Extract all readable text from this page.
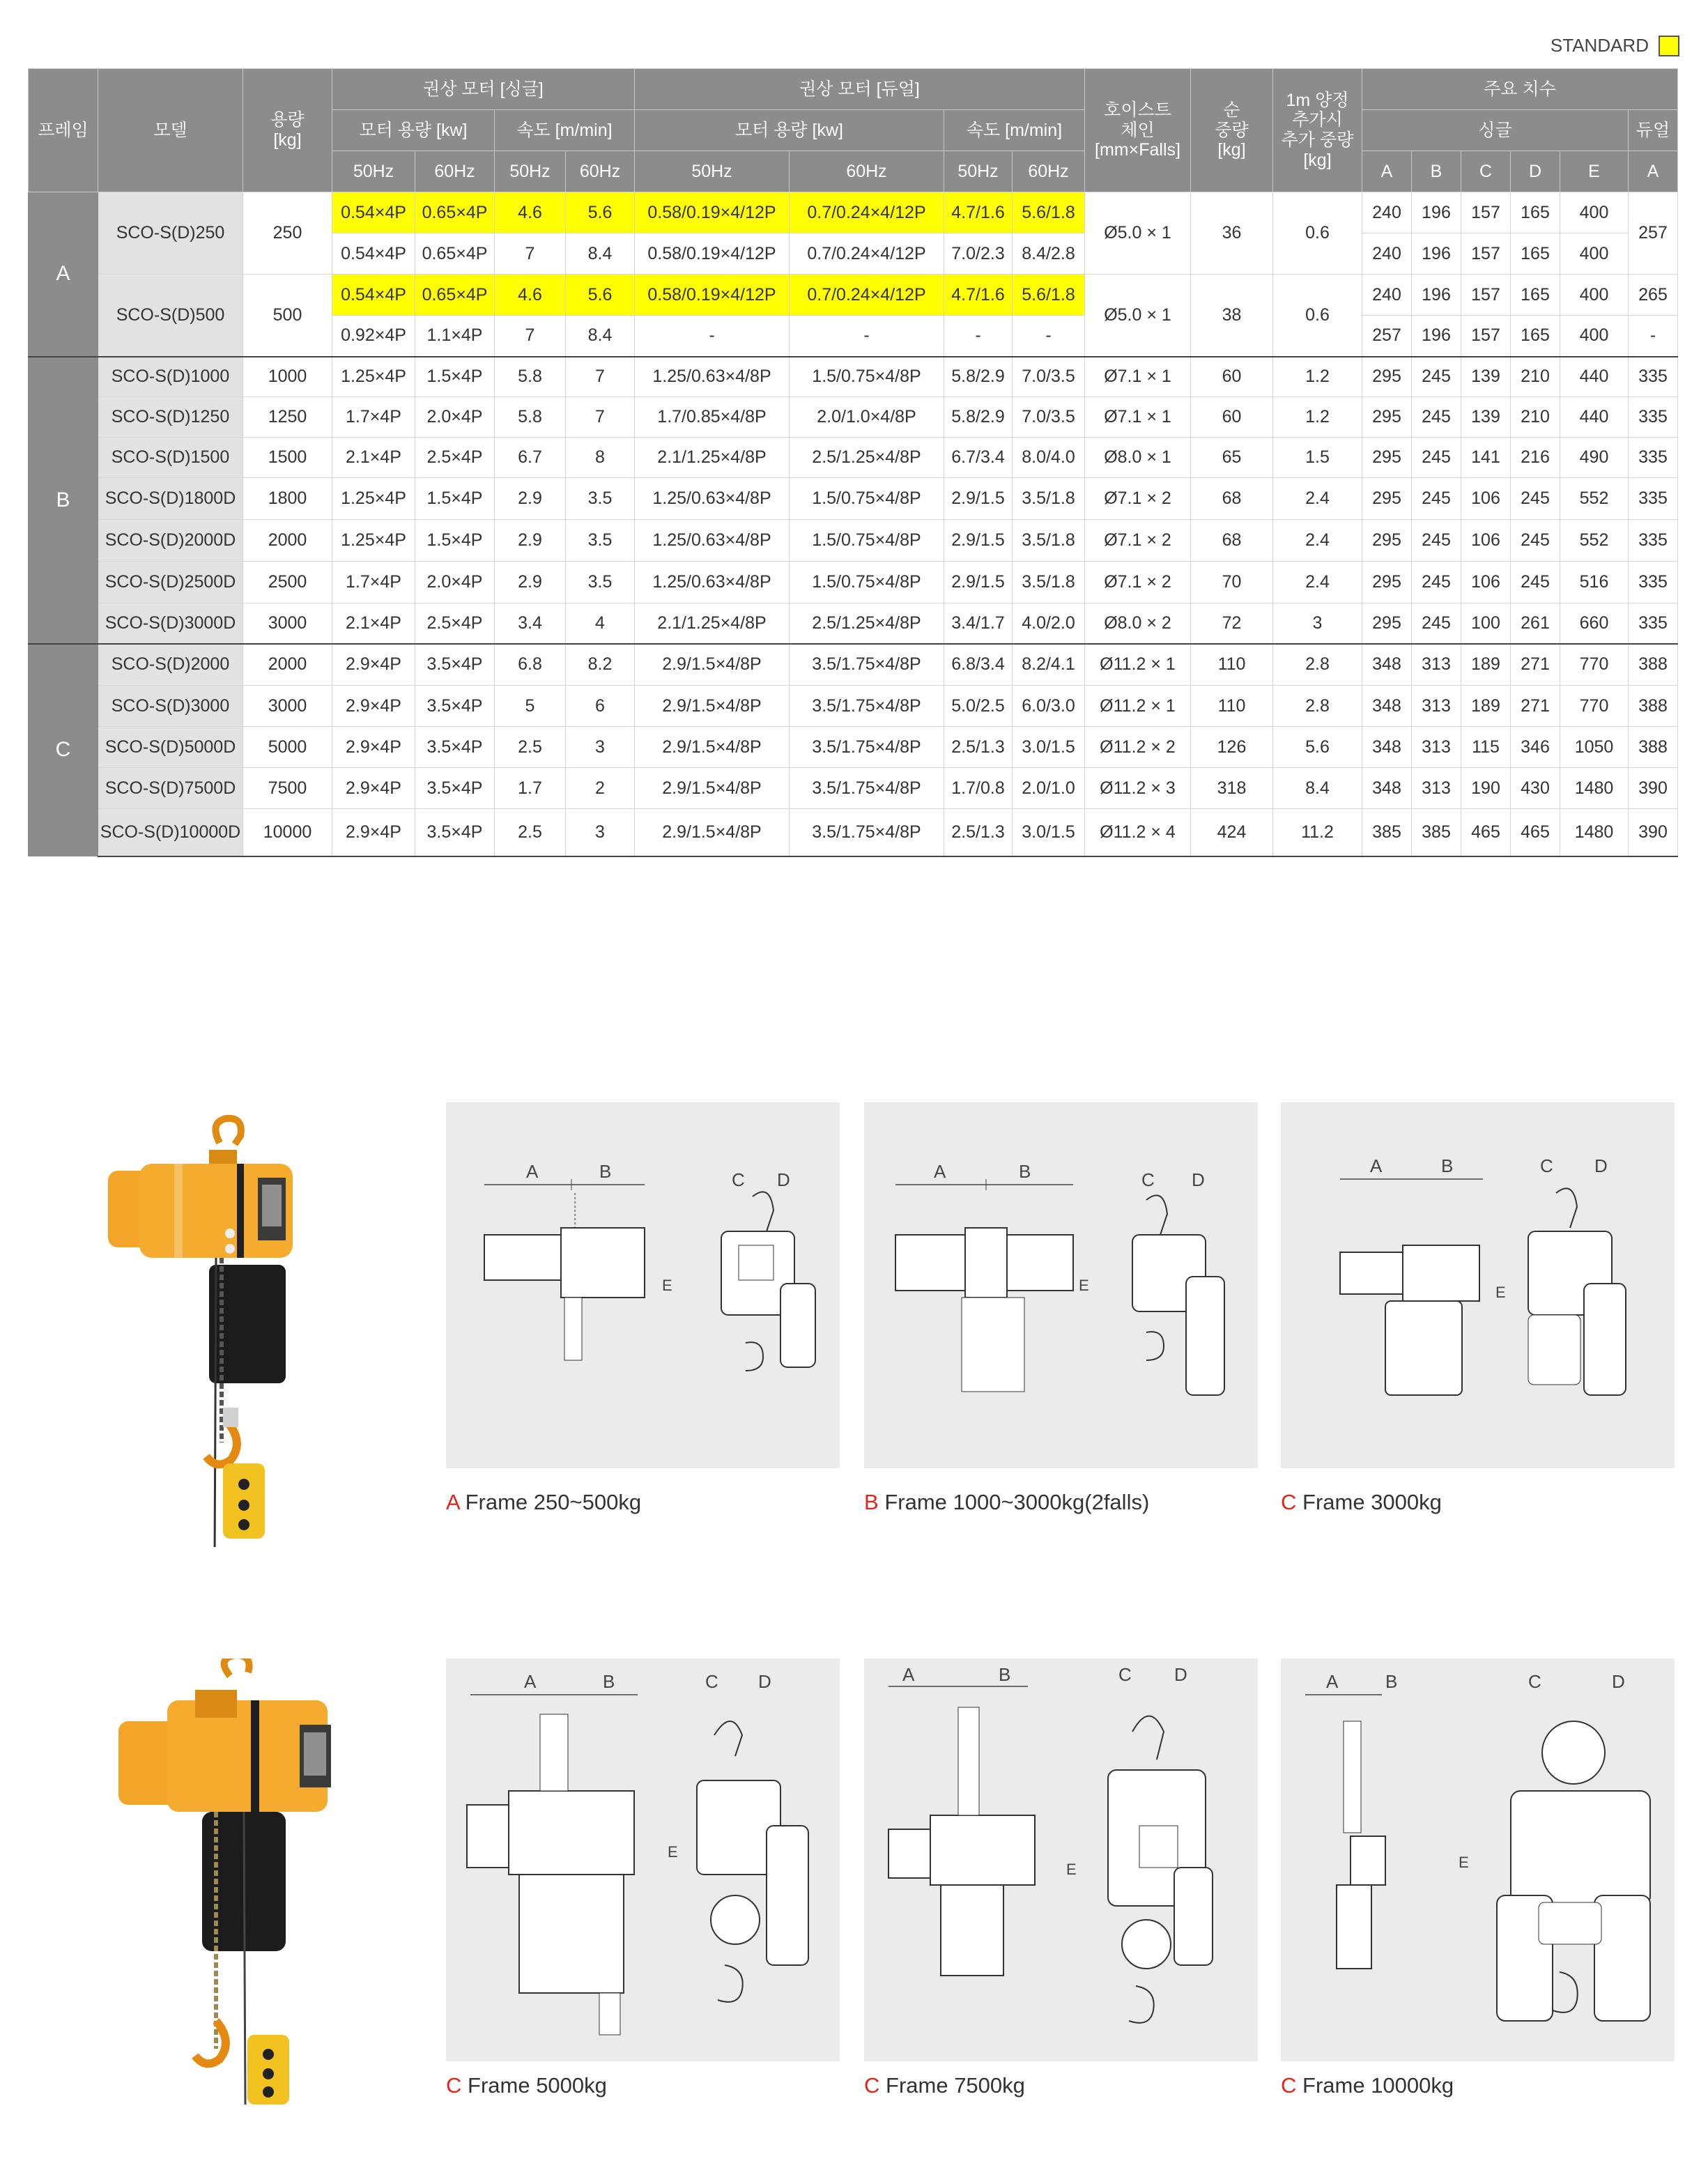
STANDARD
프레임	모델	용량
[kg]	권상 모터 [싱글]				권상 모터 [듀얼]				호이스트
체인
[mm×Falls]	순
중량
[kg]	1m 양정
추가시
추가 중량
[kg]	주요 치수					
			모터 용량 [kw]		속도 [m/min]		모터 용량 [kw]		속도 [m/min]					싱글					듀얼
			50Hz	60Hz	50Hz	60Hz	50Hz	60Hz	50Hz	60Hz				A	B	C	D	E	A
A	SCO-S(D)250	250	0.54×4P	0.65×4P	4.6	5.6	0.58/0.19×4/12P	0.7/0.24×4/12P	4.7/1.6	5.6/1.8	Ø5.0 × 1	36	0.6	240	196	157	165	400	257
			0.54×4P	0.65×4P	7	8.4	0.58/0.19×4/12P	0.7/0.24×4/12P	7.0/2.3	8.4/2.8				240	196	157	165	400	
	SCO-S(D)500	500	0.54×4P	0.65×4P	4.6	5.6	0.58/0.19×4/12P	0.7/0.24×4/12P	4.7/1.6	5.6/1.8	Ø5.0 × 1	38	0.6	240	196	157	165	400	265
			0.92×4P	1.1×4P	7	8.4	-	-	-	-				257	196	157	165	400	-
B	SCO-S(D)1000	1000	1.25×4P	1.5×4P	5.8	7	1.25/0.63×4/8P	1.5/0.75×4/8P	5.8/2.9	7.0/3.5	Ø7.1 × 1	60	1.2	295	245	139	210	440	335
	SCO-S(D)1250	1250	1.7×4P	2.0×4P	5.8	7	1.7/0.85×4/8P	2.0/1.0×4/8P	5.8/2.9	7.0/3.5	Ø7.1 × 1	60	1.2	295	245	139	210	440	335
	SCO-S(D)1500	1500	2.1×4P	2.5×4P	6.7	8	2.1/1.25×4/8P	2.5/1.25×4/8P	6.7/3.4	8.0/4.0	Ø8.0 × 1	65	1.5	295	245	141	216	490	335
	SCO-S(D)1800D	1800	1.25×4P	1.5×4P	2.9	3.5	1.25/0.63×4/8P	1.5/0.75×4/8P	2.9/1.5	3.5/1.8	Ø7.1 × 2	68	2.4	295	245	106	245	552	335
	SCO-S(D)2000D	2000	1.25×4P	1.5×4P	2.9	3.5	1.25/0.63×4/8P	1.5/0.75×4/8P	2.9/1.5	3.5/1.8	Ø7.1 × 2	68	2.4	295	245	106	245	552	335
	SCO-S(D)2500D	2500	1.7×4P	2.0×4P	2.9	3.5	1.25/0.63×4/8P	1.5/0.75×4/8P	2.9/1.5	3.5/1.8	Ø7.1 × 2	70	2.4	295	245	106	245	516	335
	SCO-S(D)3000D	3000	2.1×4P	2.5×4P	3.4	4	2.1/1.25×4/8P	2.5/1.25×4/8P	3.4/1.7	4.0/2.0	Ø8.0 × 2	72	3	295	245	100	261	660	335
C	SCO-S(D)2000	2000	2.9×4P	3.5×4P	6.8	8.2	2.9/1.5×4/8P	3.5/1.75×4/8P	6.8/3.4	8.2/4.1	Ø11.2 × 1	110	2.8	348	313	189	271	770	388
	SCO-S(D)3000	3000	2.9×4P	3.5×4P	5	6	2.9/1.5×4/8P	3.5/1.75×4/8P	5.0/2.5	6.0/3.0	Ø11.2 × 1	110	2.8	348	313	189	271	770	388
	SCO-S(D)5000D	5000	2.9×4P	3.5×4P	2.5	3	2.9/1.5×4/8P	3.5/1.75×4/8P	2.5/1.3	3.0/1.5	Ø11.2 × 2	126	5.6	348	313	115	346	1050	388
	SCO-S(D)7500D	7500	2.9×4P	3.5×4P	1.7	2	2.9/1.5×4/8P	3.5/1.75×4/8P	1.7/0.8	2.0/1.0	Ø11.2 × 3	318	8.4	348	313	190	430	1480	390
	SCO-S(D)10000D	10000	2.9×4P	3.5×4P	2.5	3	2.9/1.5×4/8P	3.5/1.75×4/8P	2.5/1.3	3.0/1.5	Ø11.2 × 4	424	11.2	385	385	465	465	1480	390
A	B	C D
E
A	B	C D
E
A	B	C D
E
A	B	C D
E
A	B	C D
E
A	B	C	D
E
A Frame 250~500kg	B Frame 1000~3000kg(2falls)	C Frame 3000kg
C Frame 5000kg	C Frame 7500kg	C Frame 10000kg
